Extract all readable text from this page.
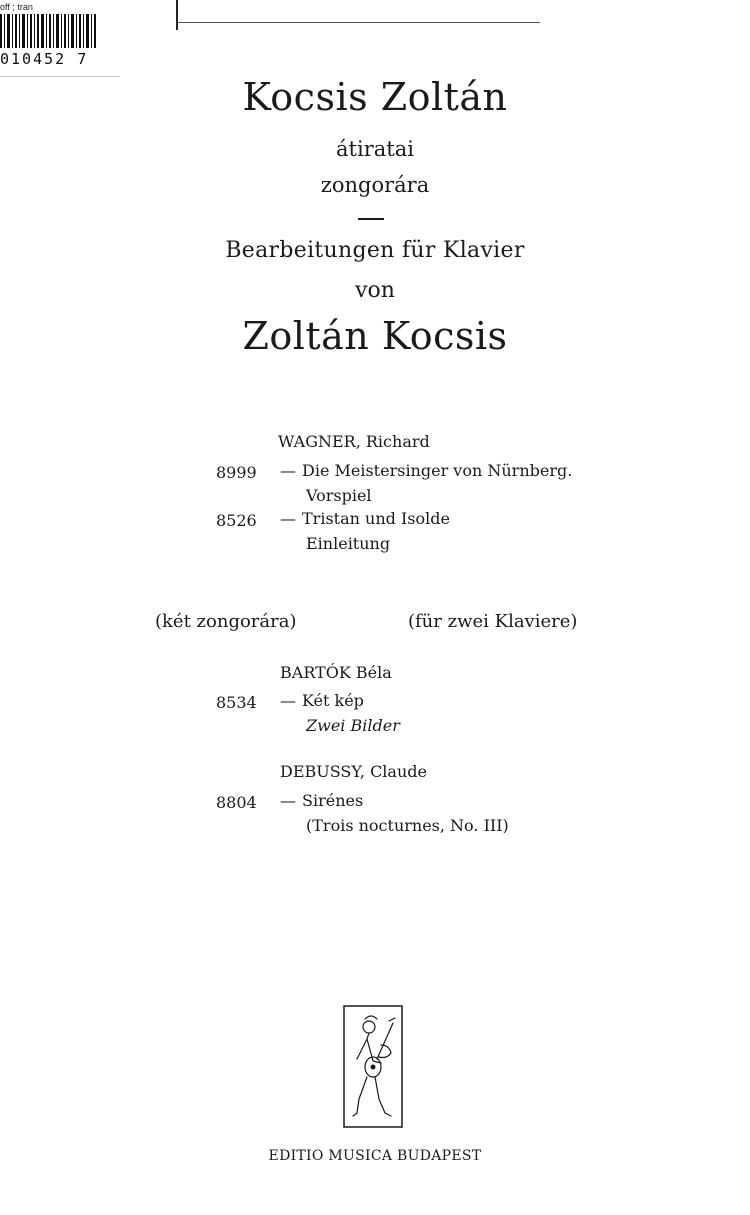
off ; tran
010452 7
Kocsis Zoltán
átiratai
zongorára
Bearbeitungen für Klavier
von
Zoltán Kocsis
WAGNER, Richard
8999	— Die Meistersinger von Nürnberg.
Vorspiel
8526	— Tristan und Isolde
Einleitung
(két zongorára)	(für zwei Klaviere)
BARTÓK Béla
8534	— Két kép
Zwei Bilder
DEBUSSY, Claude
8804	— Sirénes
(Trois nocturnes, No. III)
EDITIO MUSICA BUDAPEST
